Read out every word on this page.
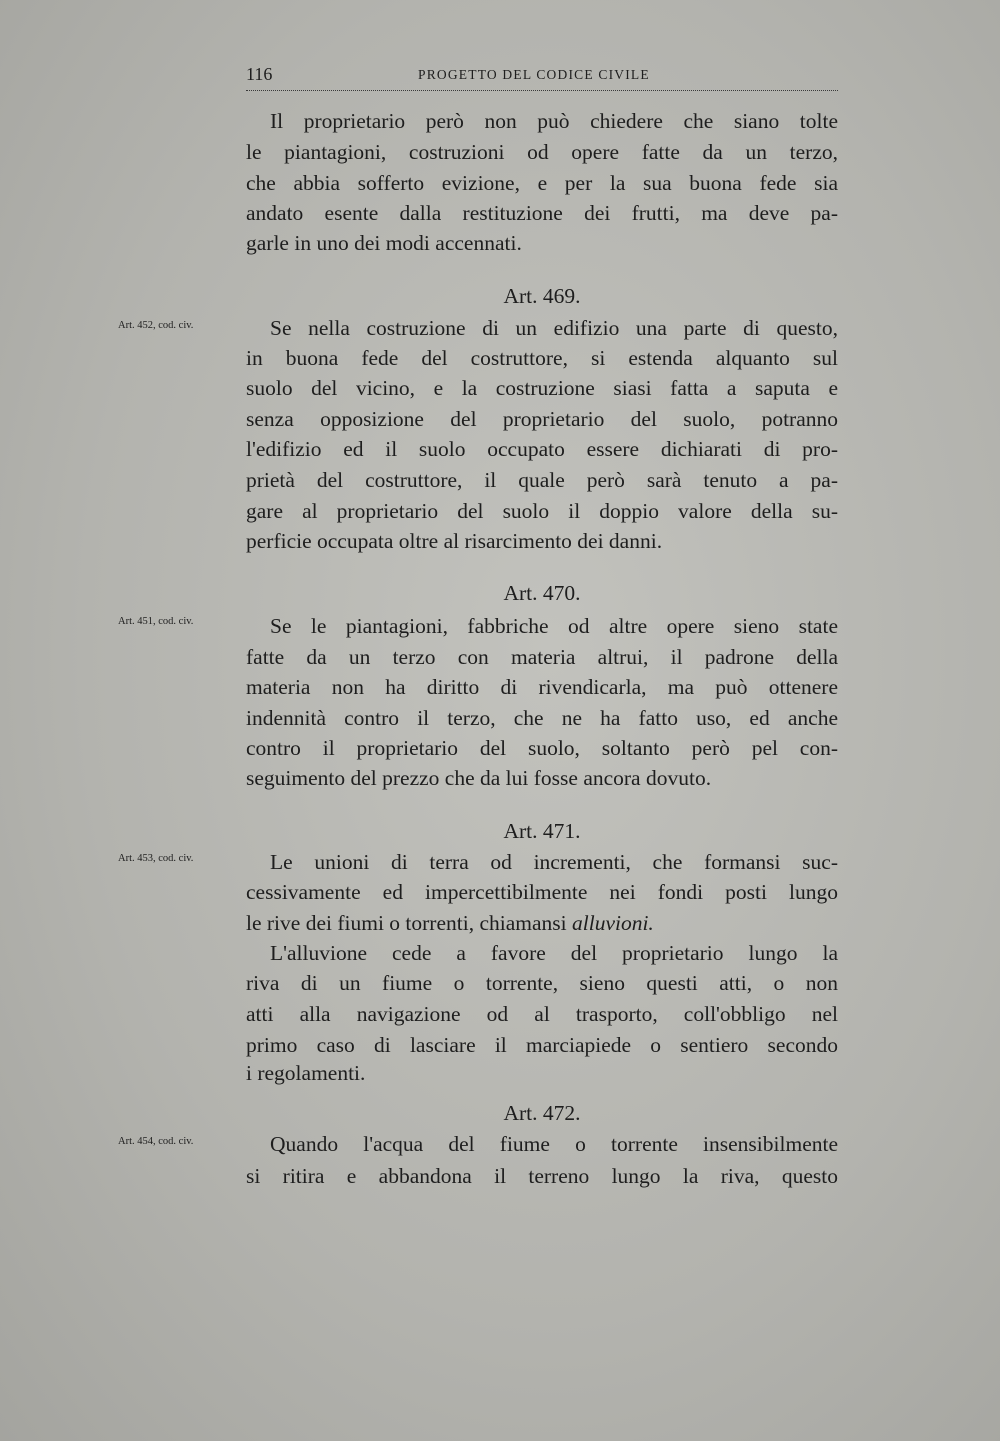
116	PROGETTO DEL CODICE CIVILE
Il proprietario però non può chiedere che siano tolte
le piantagioni, costruzioni od opere fatte da un terzo,
che abbia sofferto evizione, e per la sua buona fede sia
andato esente dalla restituzione dei frutti, ma deve pa-
garle in uno dei modi accennati.
Art. 469.
Art. 452, cod. civ.	Se nella costruzione di un edifizio una parte di questo,
in buona fede del costruttore, si estenda alquanto sul
suolo del vicino, e la costruzione siasi fatta a saputa e
senza opposizione del proprietario del suolo, potranno
l'edifizio ed il suolo occupato essere dichiarati di pro-
prietà del costruttore, il quale però sarà tenuto a pa-
gare al proprietario del suolo il doppio valore della su-
perficie occupata oltre al risarcimento dei danni.
Art. 470.
Art. 451, cod. civ.	Se le piantagioni, fabbriche od altre opere sieno state
fatte da un terzo con materia altrui, il padrone della
materia non ha diritto di rivendicarla, ma può ottenere
indennità contro il terzo, che ne ha fatto uso, ed anche
contro il proprietario del suolo, soltanto però pel con-
seguimento del prezzo che da lui fosse ancora dovuto.
Art. 471.
Art. 453, cod. civ.	Le unioni di terra od incrementi, che formansi suc-
cessivamente ed impercettibilmente nei fondi posti lungo
le rive dei fiumi o torrenti, chiamansi alluvioni.
L'alluvione cede a favore del proprietario lungo la
riva di un fiume o torrente, sieno questi atti, o non
atti alla navigazione od al trasporto, coll'obbligo nel
primo caso di lasciare il marciapiede o sentiero secondo
i regolamenti.
Art. 472.
Art. 454, cod. civ.	Quando l'acqua del fiume o torrente insensibilmente
si ritira e abbandona il terreno lungo la riva, questo
